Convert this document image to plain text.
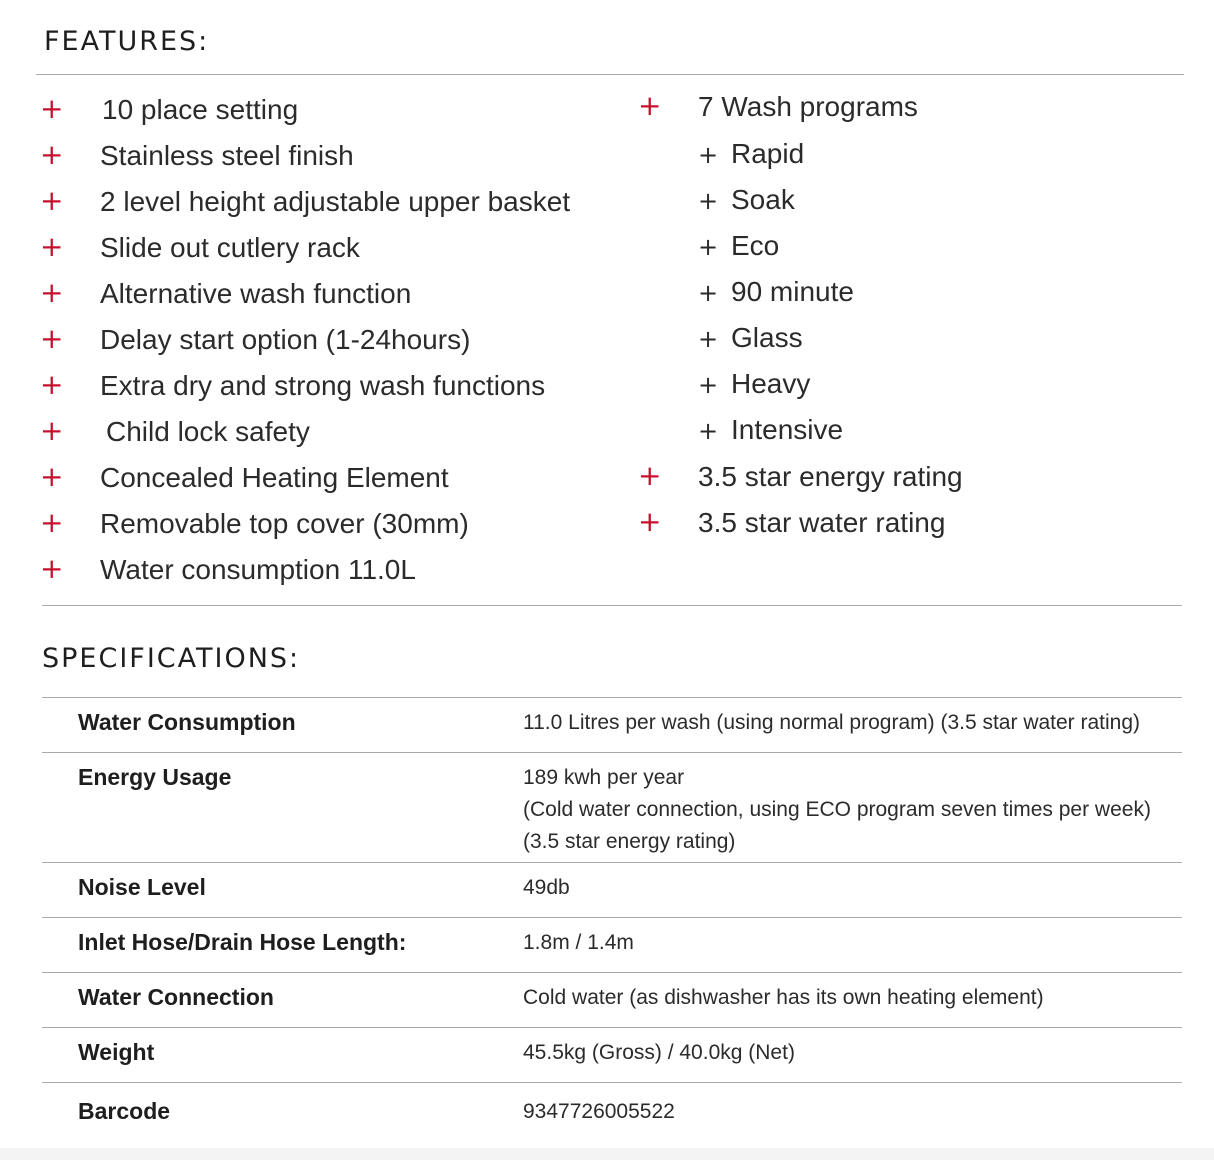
FEATURES:
+ 10 place setting
+ Stainless steel finish
+ 2 level height adjustable upper basket
+ Slide out cutlery rack
+ Alternative wash function
+ Delay start option (1-24hours)
+ Extra dry and strong wash functions
+ Child lock safety
+ Concealed Heating Element
+ Removable top cover (30mm)
+ Water consumption 11.0L
+ 7 Wash programs
+ Rapid
+ Soak
+ Eco
+ 90 minute
+ Glass
+ Heavy
+ Intensive
+ 3.5 star energy rating
+ 3.5 star water rating
SPECIFICATIONS:
Water Consumption	11.0 Litres per wash (using normal program) (3.5 star water rating)
Energy Usage	189 kwh per year
(Cold water connection, using ECO program seven times per week)
(3.5 star energy rating)
Noise Level	49db
Inlet Hose/Drain Hose Length:	1.8m / 1.4m
Water Connection	Cold water (as dishwasher has its own heating element)
Weight	45.5kg (Gross) / 40.0kg (Net)
Barcode	9347726005522
